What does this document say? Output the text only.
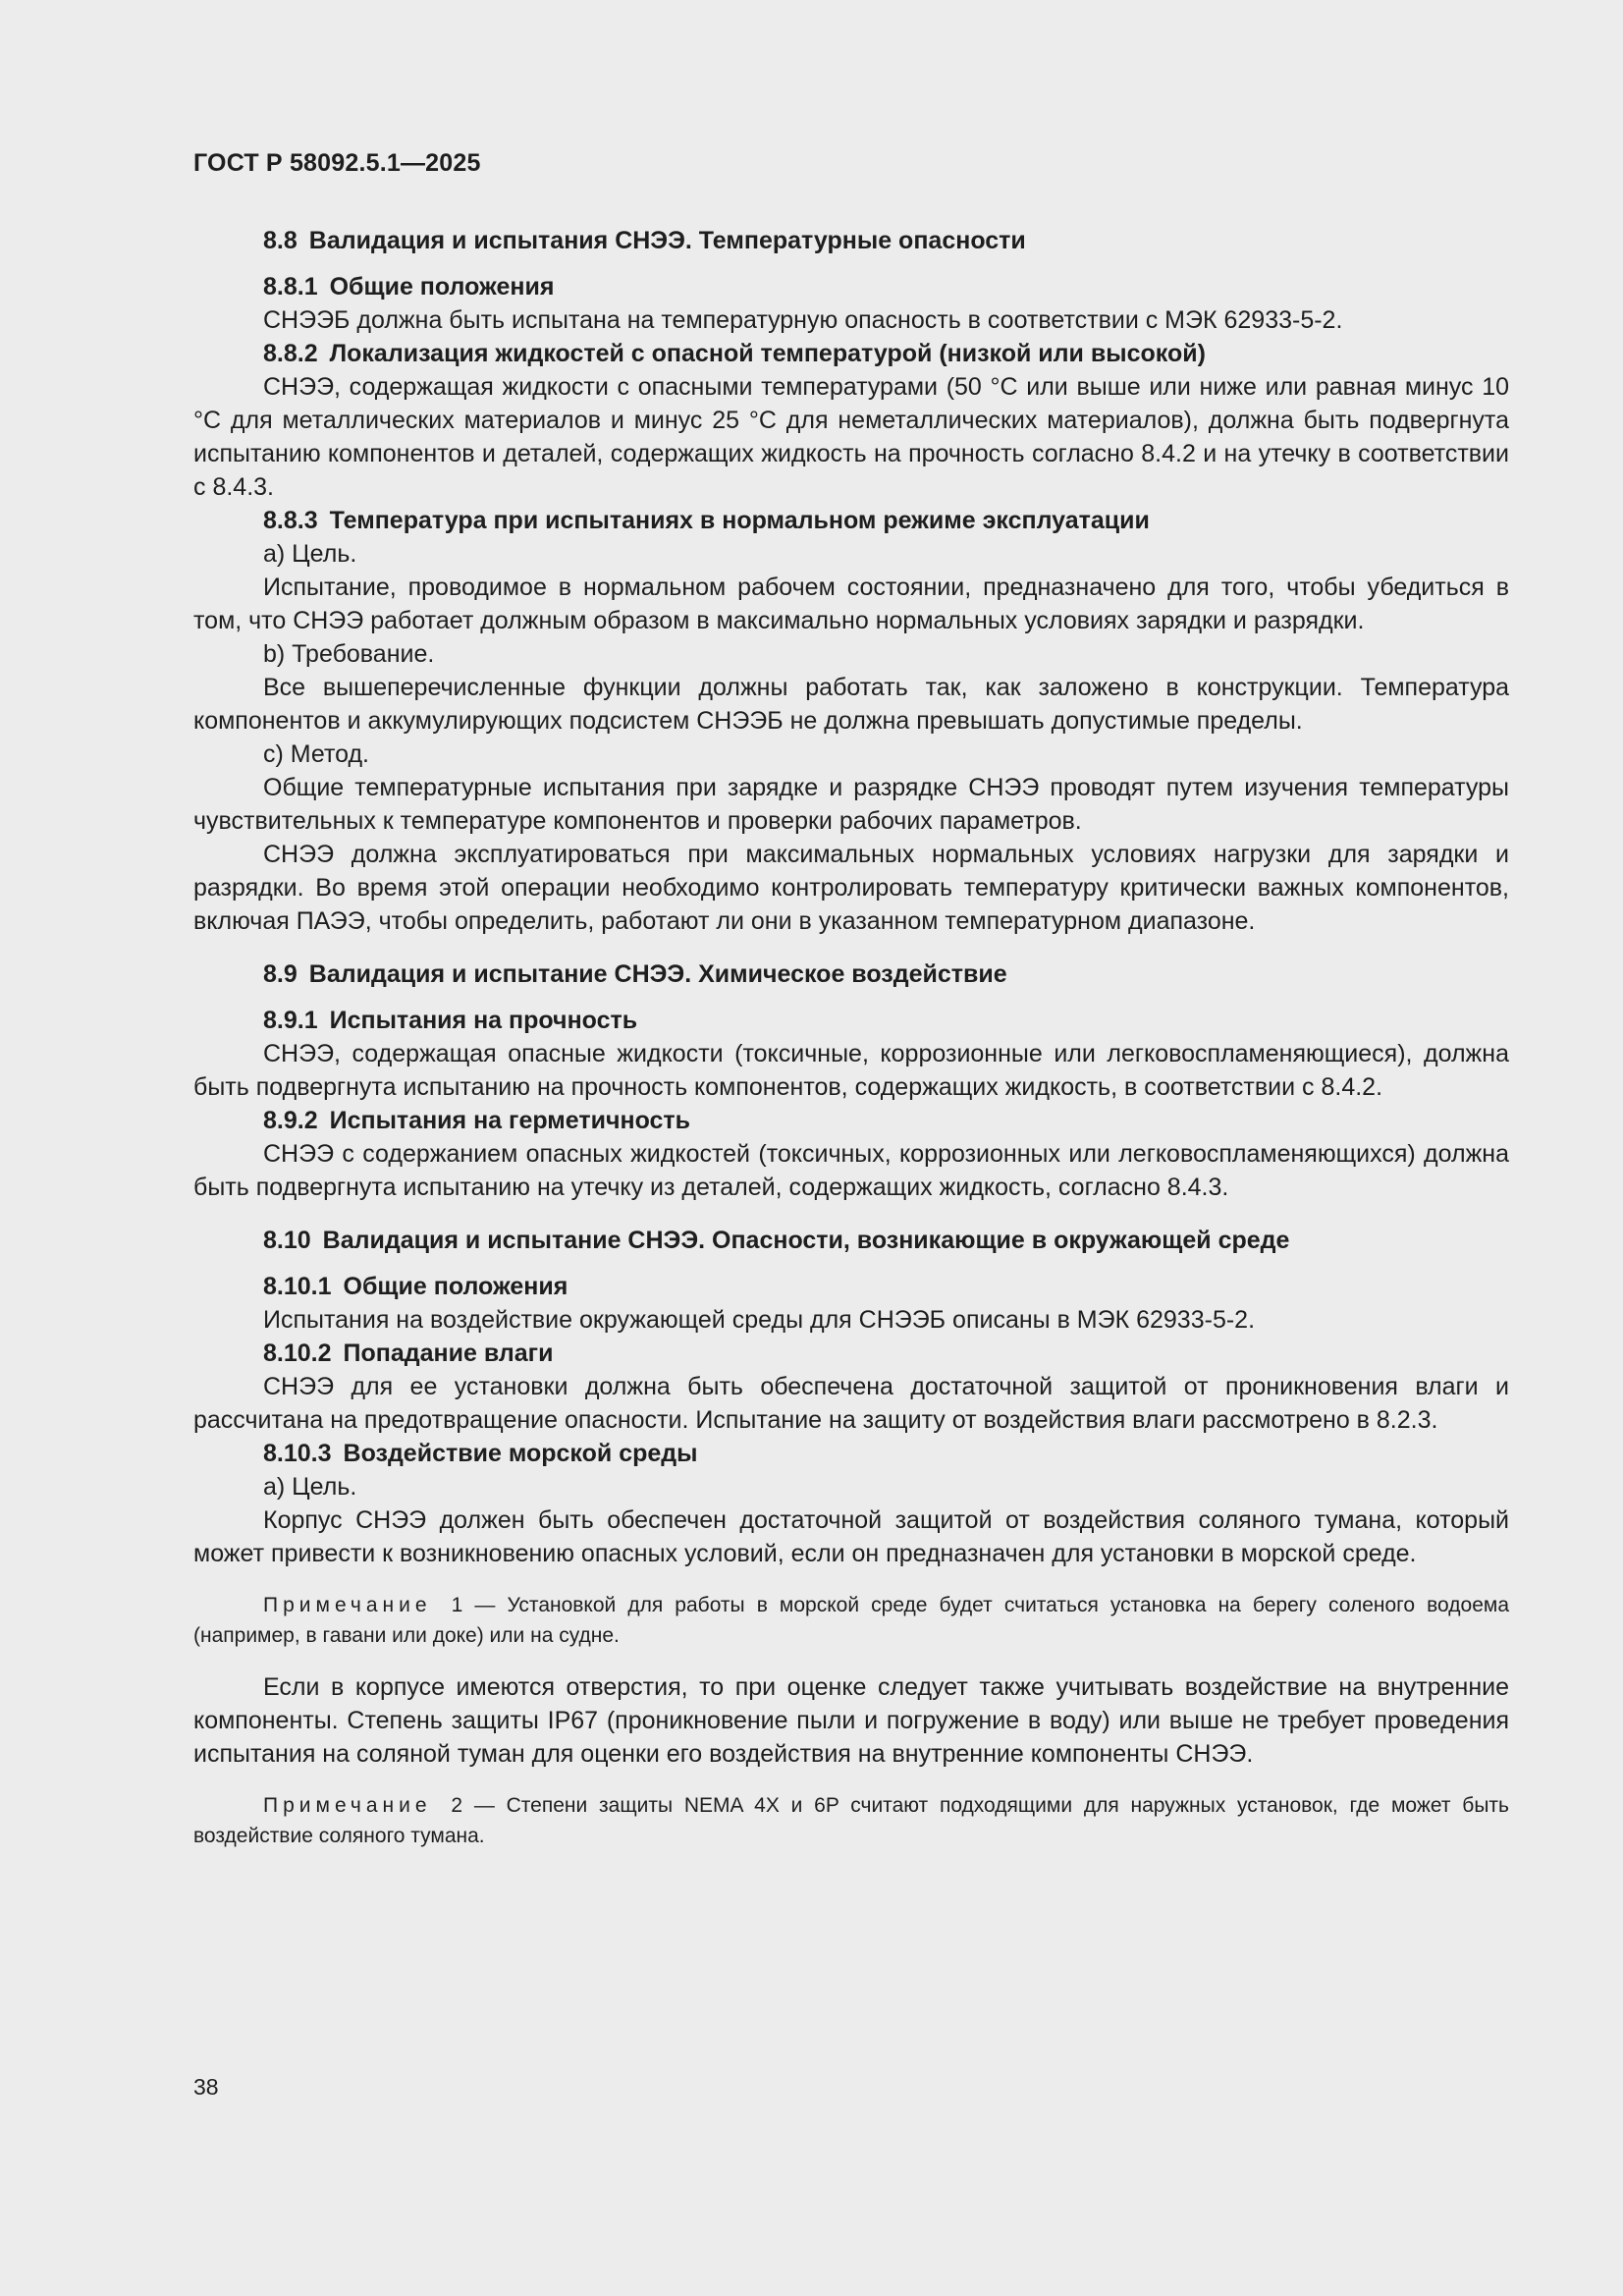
ГОСТ Р 58092.5.1—2025

8.8 Валидация и испытания СНЭЭ. Температурные опасности

8.8.1 Общие положения

СНЭЭБ должна быть испытана на температурную опасность в соответствии с МЭК 62933-5-2.

8.8.2 Локализация жидкостей с опасной температурой (низкой или высокой)

СНЭЭ, содержащая жидкости с опасными температурами (50 °С или выше или ниже или равная минус 10 °С для металлических материалов и минус 25 °С для неметаллических материалов), должна быть подвергнута испытанию компонентов и деталей, содержащих жидкость на прочность согласно 8.4.2 и на утечку в соответствии с 8.4.3.

8.8.3 Температура при испытаниях в нормальном режиме эксплуатации

а) Цель.

Испытание, проводимое в нормальном рабочем состоянии, предназначено для того, чтобы убедиться в том, что СНЭЭ работает должным образом в максимально нормальных условиях зарядки и разрядки.

b) Требование.

Все вышеперечисленные функции должны работать так, как заложено в конструкции. Температура компонентов и аккумулирующих подсистем СНЭЭБ не должна превышать допустимые пределы.

с) Метод.

Общие температурные испытания при зарядке и разрядке СНЭЭ проводят путем изучения температуры чувствительных к температуре компонентов и проверки рабочих параметров.

СНЭЭ должна эксплуатироваться при максимальных нормальных условиях нагрузки для зарядки и разрядки. Во время этой операции необходимо контролировать температуру критически важных компонентов, включая ПАЭЭ, чтобы определить, работают ли они в указанном температурном диапазоне.

8.9 Валидация и испытание СНЭЭ. Химическое воздействие

8.9.1 Испытания на прочность

СНЭЭ, содержащая опасные жидкости (токсичные, коррозионные или легковоспламеняющиеся), должна быть подвергнута испытанию на прочность компонентов, содержащих жидкость, в соответствии с 8.4.2.

8.9.2 Испытания на герметичность

СНЭЭ с содержанием опасных жидкостей (токсичных, коррозионных или легковоспламеняющихся) должна быть подвергнута испытанию на утечку из деталей, содержащих жидкость, согласно 8.4.3.

8.10 Валидация и испытание СНЭЭ. Опасности, возникающие в окружающей среде

8.10.1 Общие положения

Испытания на воздействие окружающей среды для СНЭЭБ описаны в МЭК 62933-5-2.

8.10.2 Попадание влаги

СНЭЭ для ее установки должна быть обеспечена достаточной защитой от проникновения влаги и рассчитана на предотвращение опасности. Испытание на защиту от воздействия влаги рассмотрено в 8.2.3.

8.10.3 Воздействие морской среды

а) Цель.

Корпус СНЭЭ должен быть обеспечен достаточной защитой от воздействия соляного тумана, который может привести к возникновению опасных условий, если он предназначен для установки в морской среде.

Примечание 1 — Установкой для работы в морской среде будет считаться установка на берегу соленого водоема (например, в гавани или доке) или на судне.

Если в корпусе имеются отверстия, то при оценке следует также учитывать воздействие на внутренние компоненты. Степень защиты IP67 (проникновение пыли и погружение в воду) или выше не требует проведения испытания на соляной туман для оценки его воздействия на внутренние компоненты СНЭЭ.

Примечание 2 — Степени защиты NEMA 4X и 6P считают подходящими для наружных установок, где может быть воздействие соляного тумана.

38
